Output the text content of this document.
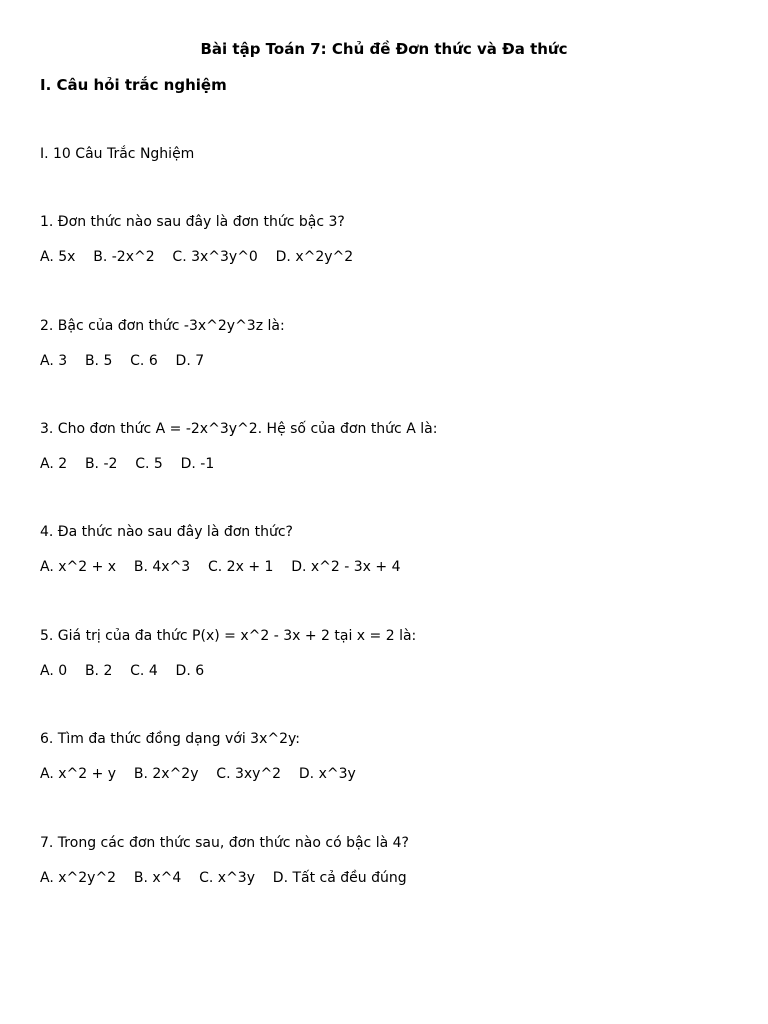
Bài tập Toán 7: Chủ đề Đơn thức và Đa thức
I. Câu hỏi trắc nghiệm
I. 10 Câu Trắc Nghiệm
1. Đơn thức nào sau đây là đơn thức bậc 3?
A. 5x    B. -2x^2    C. 3x^3y^0    D. x^2y^2
2. Bậc của đơn thức -3x^2y^3z là:
A. 3    B. 5    C. 6    D. 7
3. Cho đơn thức A = -2x^3y^2. Hệ số của đơn thức A là:
A. 2    B. -2    C. 5    D. -1
4. Đa thức nào sau đây là đơn thức?
A. x^2 + x    B. 4x^3    C. 2x + 1    D. x^2 - 3x + 4
5. Giá trị của đa thức P(x) = x^2 - 3x + 2 tại x = 2 là:
A. 0    B. 2    C. 4    D. 6
6. Tìm đa thức đồng dạng với 3x^2y:
A. x^2 + y    B. 2x^2y    C. 3xy^2    D. x^3y
7. Trong các đơn thức sau, đơn thức nào có bậc là 4?
A. x^2y^2    B. x^4    C. x^3y    D. Tất cả đều đúng
